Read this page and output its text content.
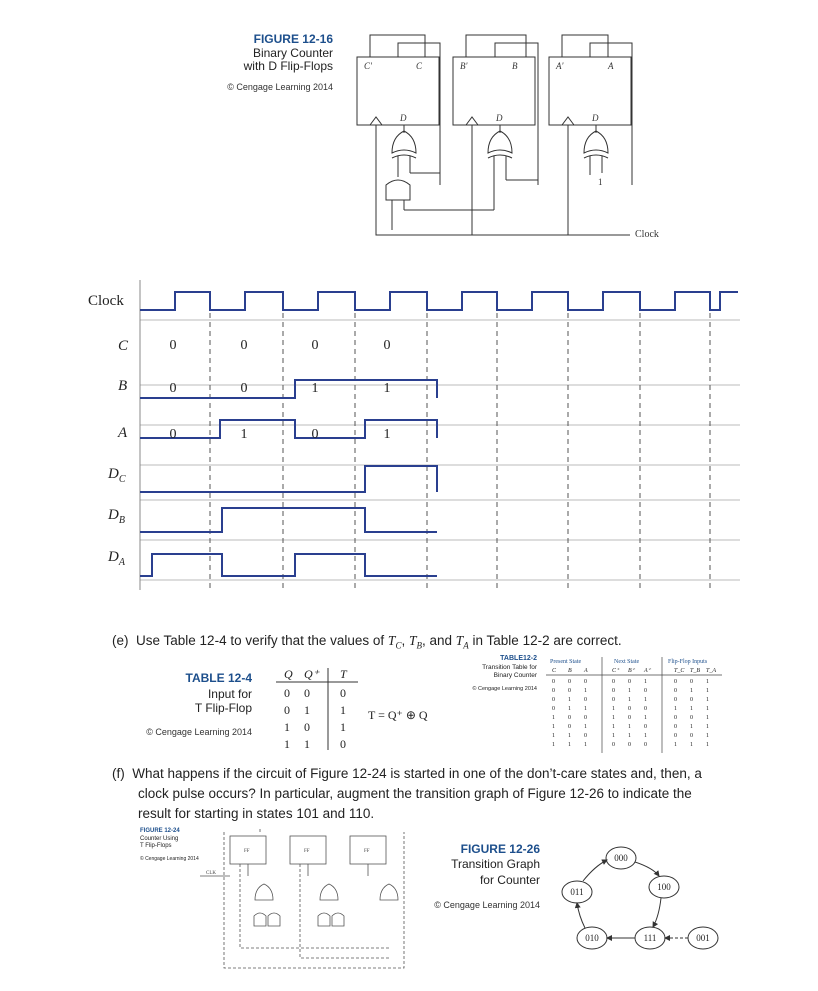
FIGURE 12-16
Binary Counter
with D Flip-Flops
© Cengage Learning 2014
C'	C
D
B'	B
D
A'	A
D
1
Clock
Clock
C
B
A
$D_C$
$D_B$
$D_A$
0	0	0	0
0	0	1	1
0	1	0	1
(e) Use Table 12-4 to verify that the values of $T_C$, $T_B$, and $T_A$ in Table 12-2 are correct.
TABLE 12-4
Input for
T Flip-Flop
© Cengage Learning 2014
Q Q⁺ T
0 0	0
0 1	1
1 0	1
1 1	0
T = Q⁺ ⊕ Q
TABLE12-2
Transition Table for
Binary Counter
© Cengage Learning 2014
Present State	Next State	Flip-Flop Inputs
C B A	C⁺ B⁺ A⁺	T_C T_B T_A
0 0 0	0 0 1	0 0 1
0 0 1	0 1 0	0 1 1
0 1 0	0 1 1	0 0 1
0 1 1	1 0 0	1 1 1
1 0 0	1 0 1	0 0 1
1 0 1	1 1 0	0 1 1
1 1 0	1 1 1	0 0 1
1 1 1	0 0 0	1 1 1
(f) What happens if the circuit of Figure 12-24 is started in one of the don’t-care states and, then, a
clock pulse occurs? In particular, augment the transition graph of Figure 12-26 to indicate the
result for starting in states 101 and 110.
FIGURE 12-24
Counter Using
T Flip-Flops
© Cengage Learning 2014
CLK
FF	FF	FF	FIGURE 12-26
Transition Graph
for Counter
© Cengage Learning 2014
000
100
111
010
011
001
